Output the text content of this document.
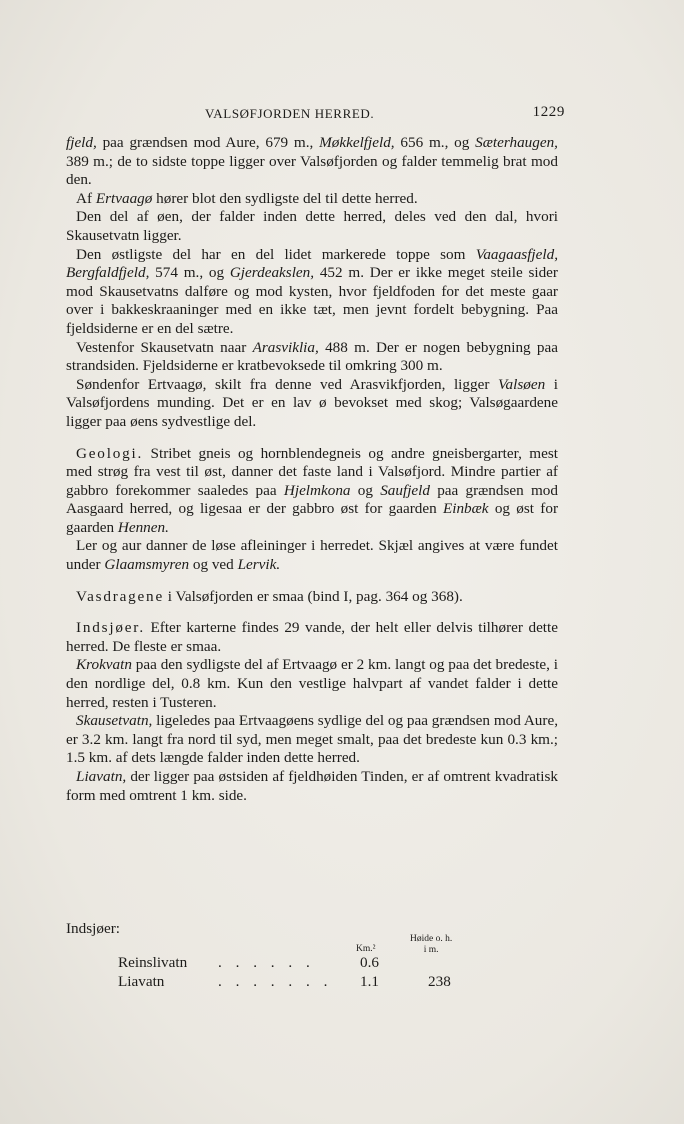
VALSØFJORDEN HERRED.	1229

fjeld, paa grændsen mod Aure, 679 m., Møkkelfjeld, 656 m., og Sæterhaugen, 389 m.; de to sidste toppe ligger over Valsøfjorden og falder temmelig brat mod den.

Af Ertvaagø hører blot den sydligste del til dette herred.

Den del af øen, der falder inden dette herred, deles ved den dal, hvori Skausetvatn ligger.

Den østligste del har en del lidet markerede toppe som Vaagaasfjeld, Bergfaldfjeld, 574 m., og Gjerdeakslen, 452 m. Der er ikke meget steile sider mod Skausetvatns dalføre og mod kysten, hvor fjeldfoden for det meste gaar over i bakkeskraaninger med en ikke tæt, men jevnt fordelt bebygning. Paa fjeldsiderne er en del sætre.

Vestenfor Skausetvatn naar Arasviklia, 488 m. Der er nogen bebygning paa strandsiden. Fjeldsiderne er kratbevoksede til omkring 300 m.

Søndenfor Ertvaagø, skilt fra denne ved Arasvikfjorden, ligger Valsøen i Valsøfjordens munding. Det er en lav ø bevokset med skog; Valsøgaardene ligger paa øens sydvestlige del.

Geologi. Stribet gneis og hornblendegneis og andre gneisbergarter, mest med strøg fra vest til øst, danner det faste land i Valsøfjord. Mindre partier af gabbro forekommer saaledes paa Hjelmkona og Saufjeld paa grændsen mod Aasgaard herred, og ligesaa er der gabbro øst for gaarden Einbæk og øst for gaarden Hennen.

Ler og aur danner de løse afleininger i herredet. Skjæl angives at være fundet under Glaamsmyren og ved Lervik.

Vasdragene i Valsøfjorden er smaa (bind I, pag. 364 og 368).

Indsjøer. Efter karterne findes 29 vande, der helt eller delvis tilhører dette herred. De fleste er smaa.

Krokvatn paa den sydligste del af Ertvaagø er 2 km. langt og paa det bredeste, i den nordlige del, 0.8 km. Kun den vestlige halvpart af vandet falder i dette herred, resten i Tusteren.

Skausetvatn, ligeledes paa Ertvaagøens sydlige del og paa grændsen mod Aure, er 3.2 km. langt fra nord til syd, men meget smalt, paa det bredeste kun 0.3 km.; 1.5 km. af dets længde falder inden dette herred.

Liavatn, der ligger paa østsiden af fjeldhøiden Tinden, er af omtrent kvadratisk form med omtrent 1 km. side.

Indsjøer:
Km.²
Høide o. h.
i m.
Reinslivatn . . . . . .	0.6
Liavatn	. . . . . . . 1.1	238
